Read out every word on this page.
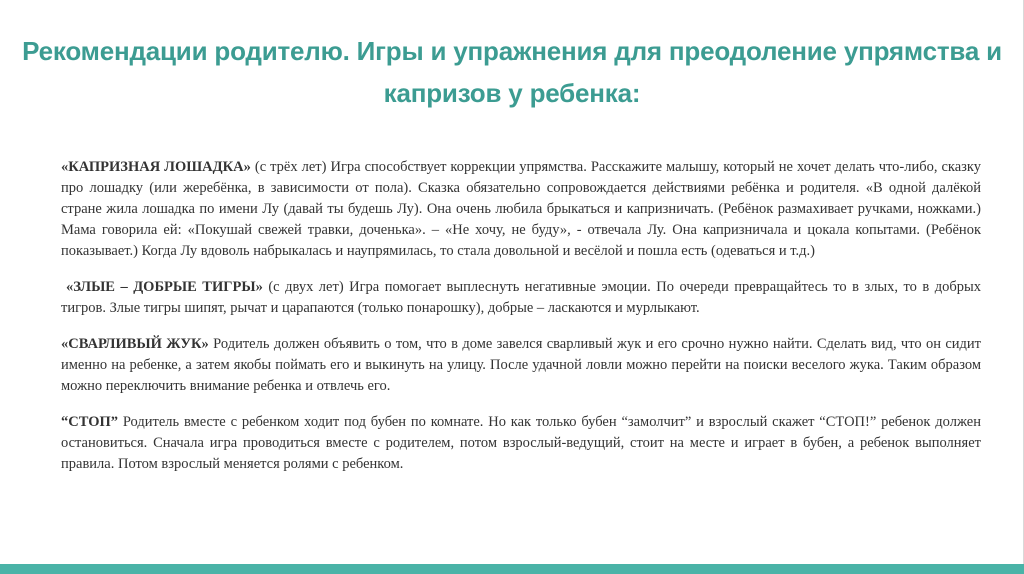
Рекомендации родителю. Игры и упражнения для преодоление упрямства и капризов у ребенка:

«КАПРИЗНАЯ ЛОШАДКА» (с трёх лет) Игра способствует коррекции упрямства. Расскажите малышу, который не хочет делать что-либо, сказку про лошадку (или жеребёнка, в зависимости от пола). Сказка обязательно сопровождается действиями ребёнка и родителя. «В одной далёкой стране жила лошадка по имени Лу (давай ты будешь Лу). Она очень любила брыкаться и капризничать. (Ребёнок размахивает ручками, ножками.) Мама говорила ей: «Покушай свежей травки, доченька». – «Не хочу, не буду», - отвечала Лу. Она капризничала и цокала копытами. (Ребёнок показывает.) Когда Лу вдоволь набрыкалась и наупрямилась, то стала довольной и весёлой и пошла есть (одеваться и т.д.)

«ЗЛЫЕ – ДОБРЫЕ ТИГРЫ» (с двух лет) Игра помогает выплеснуть негативные эмоции. По очереди превращайтесь то в злых, то в добрых тигров. Злые тигры шипят, рычат и царапаются (только понарошку), добрые – ласкаются и мурлыкают.

«СВАРЛИВЫЙ ЖУК» Родитель должен объявить о том, что в доме завелся сварливый жук и его срочно нужно найти. Сделать вид, что он сидит именно на ребенке, а затем якобы поймать его и выкинуть на улицу. После удачной ловли можно перейти на поиски веселого жука. Таким образом можно переключить внимание ребенка и отвлечь его.

“СТОП” Родитель вместе с ребенком ходит под бубен по комнате. Но как только бубен “замолчит” и взрослый скажет “СТОП!” ребенок должен остановиться. Сначала игра проводиться вместе с родителем, потом взрослый-ведущий, стоит на месте и играет в бубен, а ребенок выполняет правила. Потом взрослый меняется ролями с ребенком.
